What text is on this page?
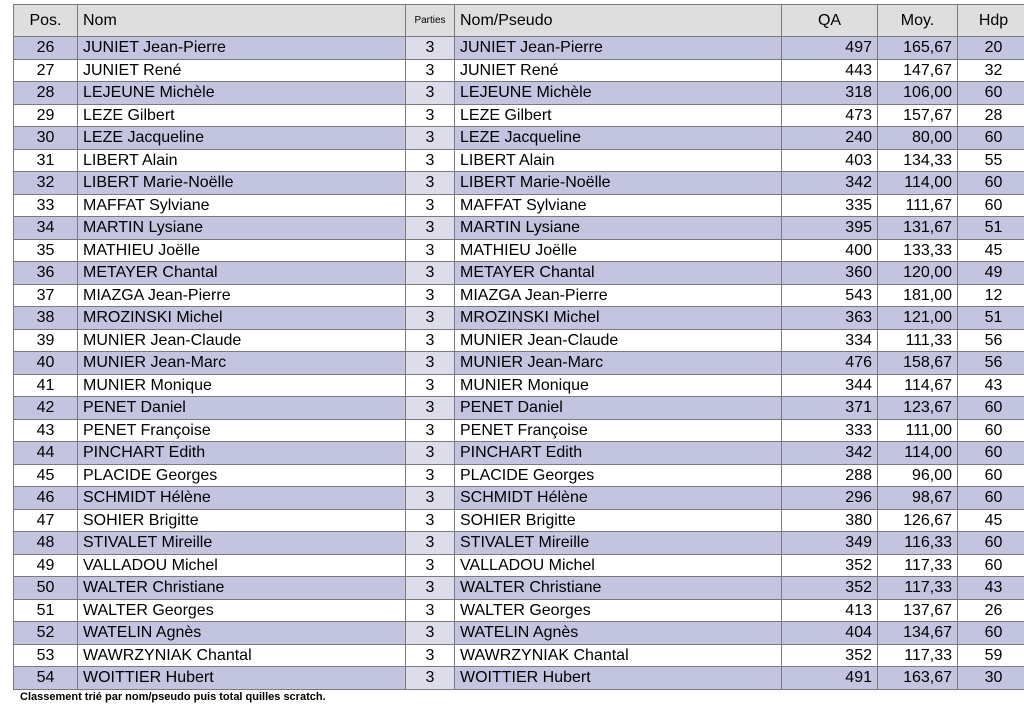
Pos.	Nom	Parties	Nom/Pseudo	QA	Moy.	Hdp
26	JUNIET Jean-Pierre	3	JUNIET Jean-Pierre	497	165,67	20
27	JUNIET René	3	JUNIET René	443	147,67	32
28	LEJEUNE Michèle	3	LEJEUNE Michèle	318	106,00	60
29	LEZE Gilbert	3	LEZE Gilbert	473	157,67	28
30	LEZE Jacqueline	3	LEZE Jacqueline	240	80,00	60
31	LIBERT Alain	3	LIBERT Alain	403	134,33	55
32	LIBERT Marie-Noëlle	3	LIBERT Marie-Noëlle	342	114,00	60
33	MAFFAT Sylviane	3	MAFFAT Sylviane	335	111,67	60
34	MARTIN Lysiane	3	MARTIN Lysiane	395	131,67	51
35	MATHIEU Joëlle	3	MATHIEU Joëlle	400	133,33	45
36	METAYER Chantal	3	METAYER Chantal	360	120,00	49
37	MIAZGA Jean-Pierre	3	MIAZGA Jean-Pierre	543	181,00	12
38	MROZINSKI Michel	3	MROZINSKI Michel	363	121,00	51
39	MUNIER Jean-Claude	3	MUNIER Jean-Claude	334	111,33	56
40	MUNIER Jean-Marc	3	MUNIER Jean-Marc	476	158,67	56
41	MUNIER Monique	3	MUNIER Monique	344	114,67	43
42	PENET Daniel	3	PENET Daniel	371	123,67	60
43	PENET Françoise	3	PENET Françoise	333	111,00	60
44	PINCHART Edith	3	PINCHART Edith	342	114,00	60
45	PLACIDE Georges	3	PLACIDE Georges	288	96,00	60
46	SCHMIDT Hélène	3	SCHMIDT Hélène	296	98,67	60
47	SOHIER Brigitte	3	SOHIER Brigitte	380	126,67	45
48	STIVALET Mireille	3	STIVALET Mireille	349	116,33	60
49	VALLADOU Michel	3	VALLADOU Michel	352	117,33	60
50	WALTER Christiane	3	WALTER Christiane	352	117,33	43
51	WALTER Georges	3	WALTER Georges	413	137,67	26
52	WATELIN Agnès	3	WATELIN Agnès	404	134,67	60
53	WAWRZYNIAK Chantal	3	WAWRZYNIAK Chantal	352	117,33	59
54	WOITTIER Hubert	3	WOITTIER Hubert	491	163,67	30
Classement trié par nom/pseudo puis total quilles scratch.
